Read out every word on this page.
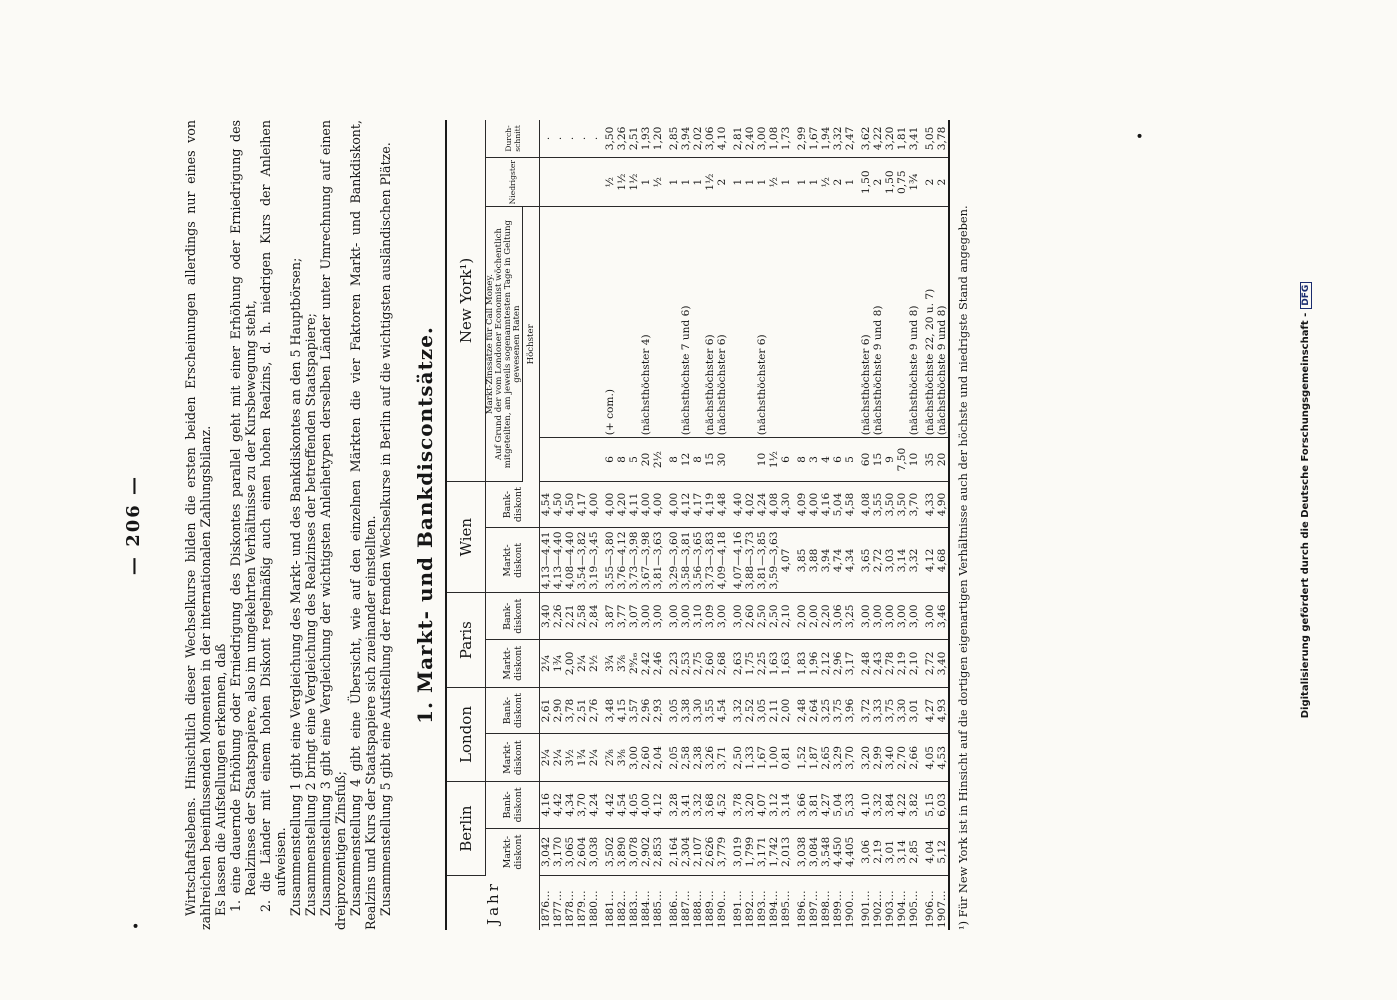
— 206 —	Wirtschaftslebens. Hinsichtlich dieser Wechselkurse bilden die ersten beiden Erscheinungen allerdings nur eines von zahlreichen beeinflussenden Momenten in der internationalen Zahlungsbilanz. Es lassen die Aufstellungen erkennen, daß 1. eine dauernde Erhöhung oder Erniedrigung des Diskontes parallel geht mit einer Erhöhung oder Erniedrigung des Realzinses der Staatspapiere, also im umgekehrten Verhältnisse zu der Kursbewegung steht, 2. die Länder mit einem hohen Diskont regelmäßig auch einen hohen Realzins, d. h. niedrigen Kurs der Anleihen aufweisen. Zusammenstellung 1 gibt eine Vergleichung des Markt- und des Bankdiskontes an den 5 Hauptbörsen; Zusammenstellung 2 bringt eine Vergleichung des Realzinses der betreffenden Staatspapiere; Zusammenstellung 3 gibt eine Vergleichung der wichtigsten Anleihetypen derselben Länder unter Umrechnung auf einen dreiprozentigen Zinsfuß; Zusammenstellung 4 gibt eine Übersicht, wie auf den einzelnen Märkten die vier Faktoren Markt- und Bankdiskont, Realzins und Kurs der Staatspapiere sich zueinander einstellten. Zusammenstellung 5 gibt eine Aufstellung der fremden Wechselkurse in Berlin auf die wichtigsten ausländischen Plätze. 1. Markt- und Bankdiscontsätze.
Jahr	Berlin		London		Paris		Wien		New York¹)			
	Markt-diskont	Bank-diskont	Markt-diskont	Bank-diskont	Markt-diskont	Bank-diskont	Markt-diskont	Bank-diskont	Markt-Zinssätze für Call Money. Auf Grund der vom Londoner Economist wöchentlich mitgeteilten, am jeweils sogenanntesten Tage in Geltung gewesenen Raten		Niedrigster	Durch-schnitt
									Höchster			
1876…	3,042	4,16	2¼	2,61	2¼	3,40	4,13—4,41	4,54				.
1877…	3,170	4,42	2¼	2,90	1¾	2,26	4,13—4,40	4,50				.
1878…	3,065	4,34	3½	3,78	2,00	2,21	4,08—4,40	4,50				.
1879…	2,604	3,70	1¾	2,51	2¼	2,58	3,54—3,82	4,17				.
1880…	3,038	4,24	2¼	2,76	2½	2,84	3,19—3,45	4,00				.
1881…	3,502	4,42	2⅞	3,48	3¾	3,87	3,55—3,80	4,00	6	(+ com.)	½	3,50
1882…	3,890	4,54	3⅜	4,15	3⅞	3,77	3,76—4,12	4,20	8		1½	3,26
1883…	3,078	4,05	3,00	3,57	2⁹⁄₁₆	3,07	3,73—3,98	4,11	5		1½	2,51
1884…	2,902	4,00	2,60	2,96	2,42	3,00	3,67—3,98	4,00	20	(nächsthöchster 4)	1	1,93
1885…	2,853	4,12	2,04	2,93	2,46	3,00	3,81—3,63	4,00	2½		½	1,20
1886…	2,164	3,28	2,05	3,05	2,23	3,00	3,29—3,60	4,00	8		1	2,85
1887…	2,304	3,41	2,58	3,38	2,53	3,00	3,58—3,81	4,12	12	(nächsthöchste 7 und 6)	1	3,94
1888…	2,107	3,32	2,38	3,30	2,75	3,10	3,56—3,65	4,17	8		1	2,02
1889…	2,626	3,68	3,26	3,55	2,60	3,09	3,73—3,83	4,19	15	(nächsthöchster 6)	1½	3,06
1890…	3,779	4,52	3,71	4,54	2,68	3,00	4,09—4,18	4,48	30	(nächsthöchster 6)	2	4,10
1891…	3,019	3,78	2,50	3,32	2,63	3,00	4,07—4,16	4,40			1	2,81
1892…	1,799	3,20	1,33	2,52	1,75	2,60	3,88—3,73	4,02			1	2,40
1893…	3,171	4,07	1,67	3,05	2,25	2,50	3,81—3,85	4,24	10	(nächsthöchster 6)	1	3,00
1894…	1,742	3,12	1,00	2,11	1,63	2,50	3,59—3,63	4,08	1½		½	1,08
1895…	2,013	3,14	0,81	2,00	1,63	2,10	4,07	4,30	6		1	1,73
1896…	3,038	3,66	1,52	2,48	1,83	2,00	3,85	4,09	8		1	2,99
1897…	3,084	3,81	1,87	2,64	1,96	2,00	3,88	4,00	3		1	1,67
1898…	3,548	4,27	2,65	3,25	2,12	2,20	3,94	4,16	4		½	1,94
1899…	4,450	5,04	3,29	3,75	2,96	3,06	4,74	5,04	6		2	3,32
1900…	4,405	5,33	3,70	3,96	3,17	3,25	4,34	4,58	5		1	2,47
1901…	3,06	4,10	3,20	3,72	2,48	3,00	3,65	4,08	60	(nächsthöchster 6)	1,50	3,62
1902…	2,19	3,32	2,99	3,33	2,43	3,00	2,72	3,55	15	(nächsthöchste 9 und 8)	2	4,22
1903…	3,01	3,84	3,40	3,75	2,78	3,00	3,03	3,50	9		1,50	3,20
1904…	3,14	4,22	2,70	3,30	2,19	3,00	3,14	3,50	7,50		0,75	1,81
1905…	2,85	3,82	2,66	3,01	2,10	3,00	3,32	3,70	10	(nächsthöchste 9 und 8)	1¾	3,41
1906…	4,04	5,15	4,05	4,27	2,72	3,00	4,12	4,33	35	(nächsthöchste 22, 20 u. 7)	2	5,05
1907…	5,12	6,03	4,53	4,93	3,40	3,46	4,68	4,90	20	(nächsthöchste 9 und 8)	2	3,78
¹) Für New York ist in Hinsicht auf die dortigen eigenartigen Verhältnisse auch der höchste und niedrigste Stand angegeben.
•
•
Digitalisierung gefördert durch die Deutsche Forschungsgemeinschaft -DFG
